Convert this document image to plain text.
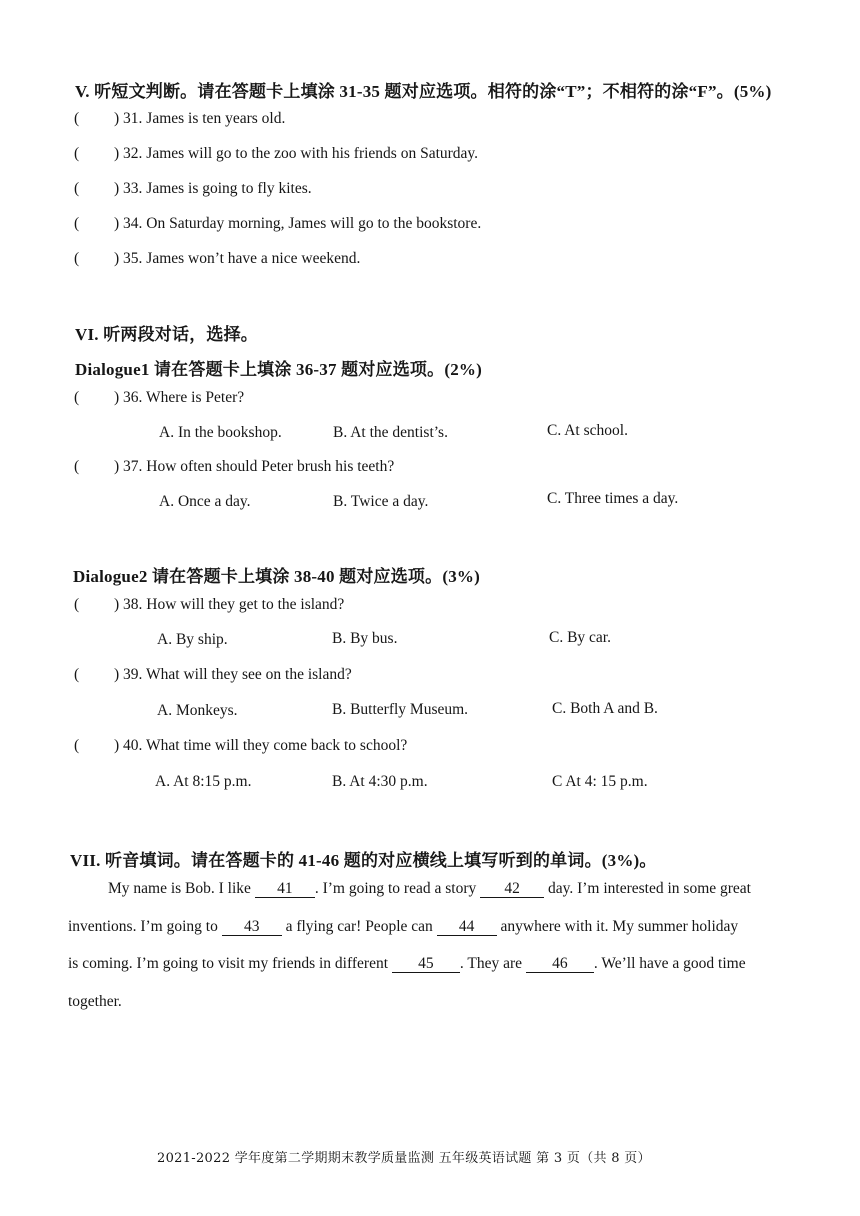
V. 听短文判断。请在答题卡上填涂 31-35 题对应选项。相符的涂“T”；不相符的涂“F”。(5%)
( ) 31. James is ten years old.
( ) 32. James will go to the zoo with his friends on Saturday.
( ) 33. James is going to fly kites.
( ) 34. On Saturday morning, James will go to the bookstore.
( ) 35. James won’t have a nice weekend.
VI. 听两段对话，选择。
Dialogue1 请在答题卡上填涂 36-37 题对应选项。(2%)
( ) 36. Where is Peter?
A. In the bookshop.	B. At the dentist’s.	C. At school.
( ) 37. How often should Peter brush his teeth?
A. Once a day.	B. Twice a day.	C. Three times a day.
Dialogue2 请在答题卡上填涂 38-40 题对应选项。(3%)
( ) 38. How will they get to the island?
A. By ship.	B. By bus.	C. By car.
( ) 39. What will they see on the island?
A. Monkeys.	B. Butterfly Museum.	C. Both A and B.
( ) 40. What time will they come back to school?
A. At 8:15 p.m.	B. At 4:30 p.m.	C At 4: 15 p.m.
VII. 听音填词。请在答题卡的 41-46 题的对应横线上填写听到的单词。(3%)。
My name is Bob. I like 41 . I’m going to read a story 42 day. I’m interested in some great
inventions. I’m going to 43 a flying car! People can 44 anywhere with it. My summer holiday
is coming. I’m going to visit my friends in different 45 . They are 46 . We’ll have a good time
together.
2021-2022 学年度第二学期期末教学质量监测 五年级英语试题 第 3 页（共 8 页）
